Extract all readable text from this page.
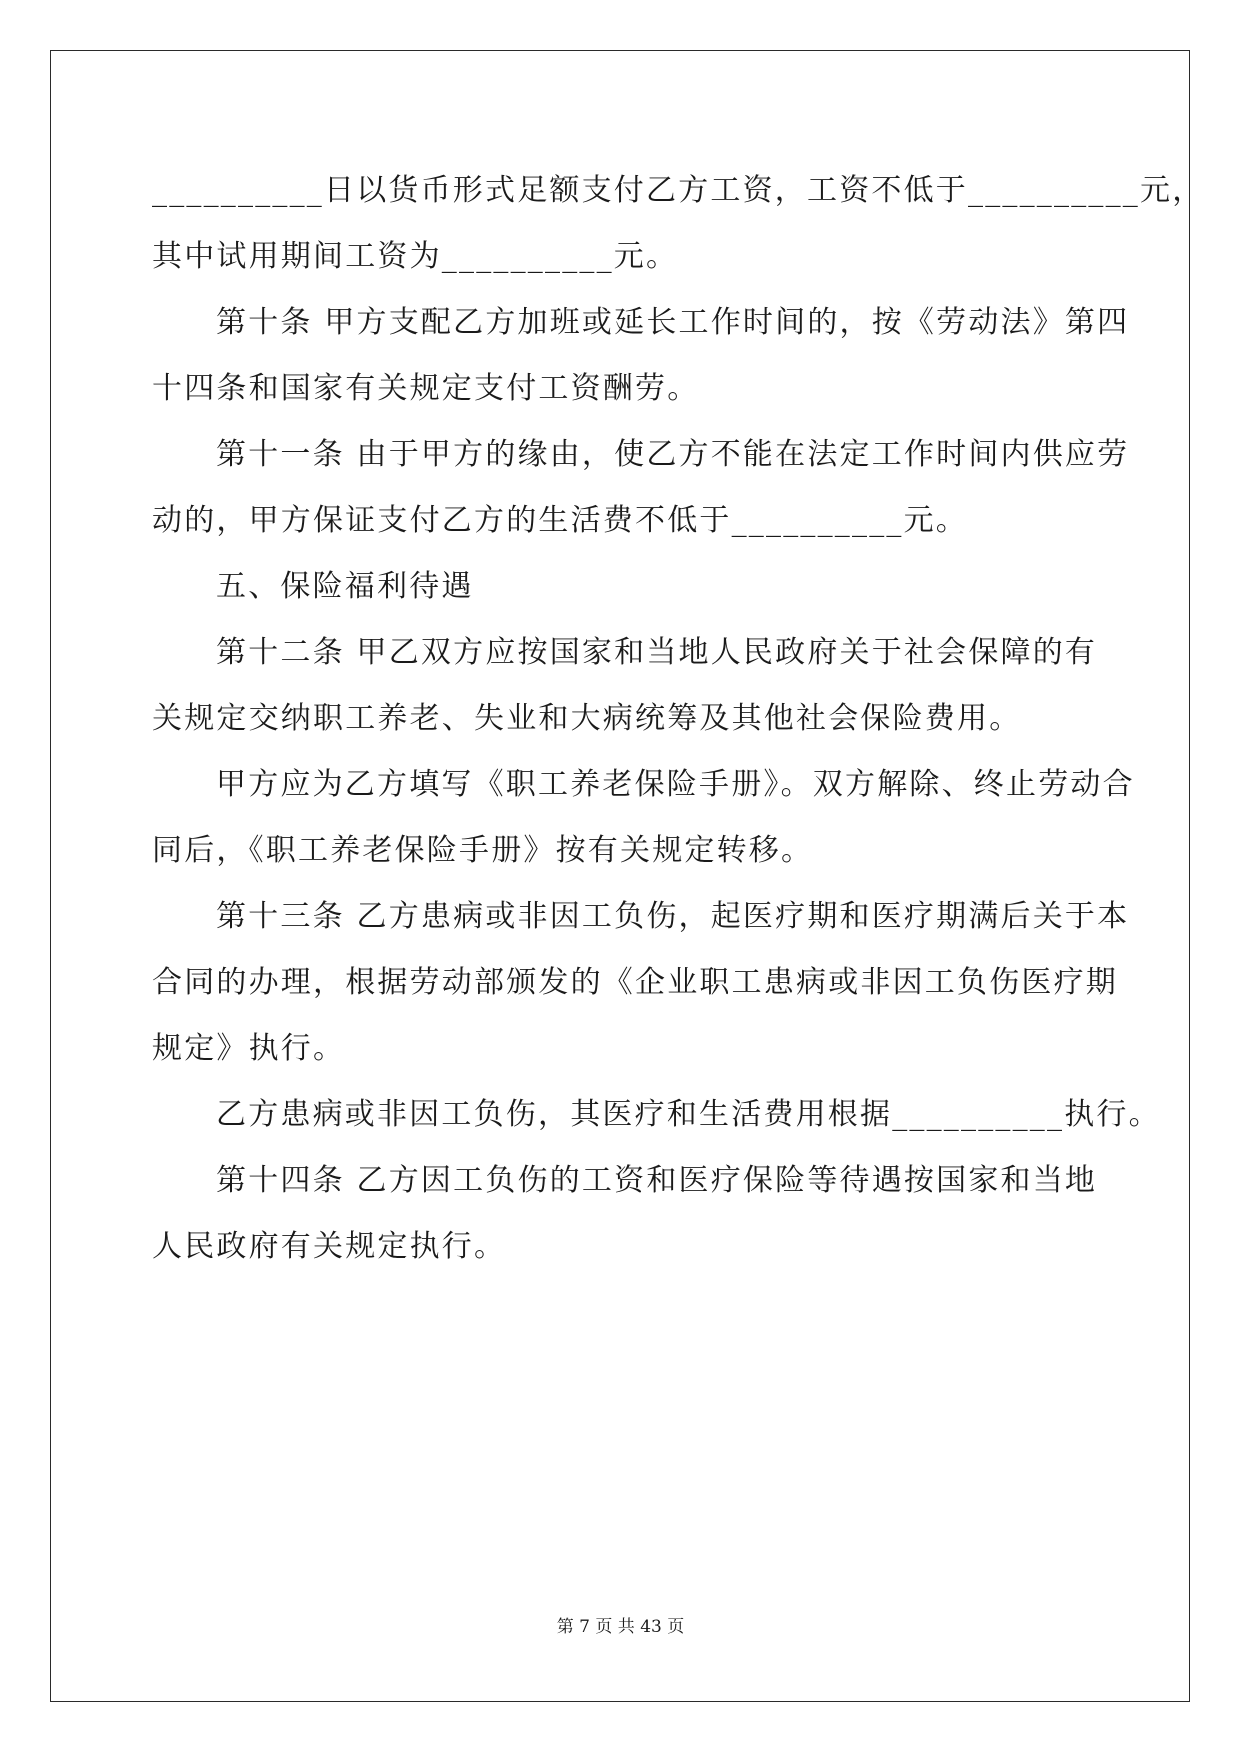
__________日以货币形式足额支付乙方工资，工资不低于__________元，
其中试用期间工资为__________元。
第十条 甲方支配乙方加班或延长工作时间的，按《劳动法》第四
十四条和国家有关规定支付工资酬劳。
第十一条 由于甲方的缘由，使乙方不能在法定工作时间内供应劳
动的，甲方保证支付乙方的生活费不低于__________元。
五、保险福利待遇
第十二条 甲乙双方应按国家和当地人民政府关于社会保障的有
关规定交纳职工养老、失业和大病统筹及其他社会保险费用。
甲方应为乙方填写《职工养老保险手册》。双方解除、终止劳动合
同后，《职工养老保险手册》按有关规定转移。
第十三条 乙方患病或非因工负伤，起医疗期和医疗期满后关于本
合同的办理，根据劳动部颁发的《企业职工患病或非因工负伤医疗期
规定》执行。
乙方患病或非因工负伤，其医疗和生活费用根据__________执行。
第十四条 乙方因工负伤的工资和医疗保险等待遇按国家和当地
人民政府有关规定执行。
第 7 页 共 43 页
